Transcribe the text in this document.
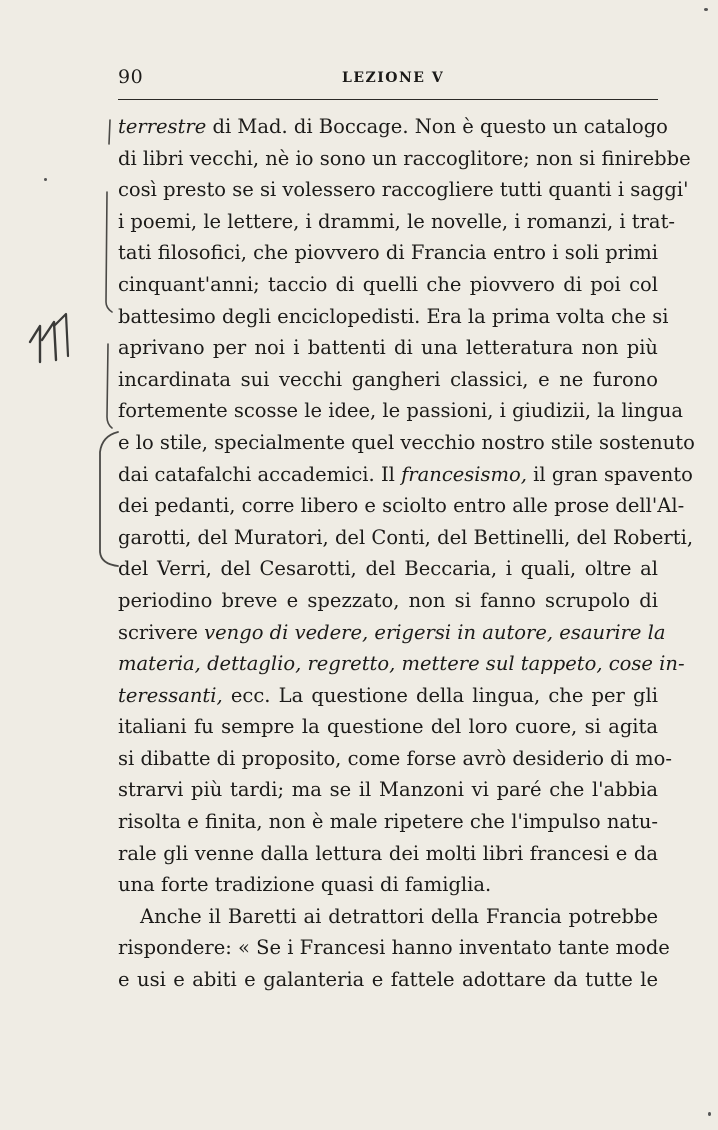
90	LEZIONE V
terrestre di Mad. di Boccage. Non è questo un catalogo
di libri vecchi, nè io sono un raccoglitore; non si finirebbe
così presto se si volessero raccogliere tutti quanti i saggi'
i poemi, le lettere, i drammi, le novelle, i romanzi, i trat-
tati filosofici, che piovvero di Francia entro i soli primi
cinquant'anni; taccio di quelli che piovvero di poi col
battesimo degli enciclopedisti. Era la prima volta che si
aprivano per noi i battenti di una letteratura non più
incardinata sui vecchi gangheri classici, e ne furono
fortemente scosse le idee, le passioni, i giudizii, la lingua
e lo stile, specialmente quel vecchio nostro stile sostenuto
dai catafalchi accademici. Il francesismo, il gran spavento
dei pedanti, corre libero e sciolto entro alle prose dell'Al-
garotti, del Muratori, del Conti, del Bettinelli, del Roberti,
del Verri, del Cesarotti, del Beccaria, i quali, oltre al
periodino breve e spezzato, non si fanno scrupolo di
scrivere vengo di vedere, erigersi in autore, esaurire la
materia, dettaglio, regretto, mettere sul tappeto, cose in-
teressanti, ecc. La questione della lingua, che per gli
italiani fu sempre la questione del loro cuore, si agita
si dibatte di proposito, come forse avrò desiderio di mo-
strarvi più tardi; ma se il Manzoni vi paré che l'abbia
risolta e finita, non è male ripetere che l'impulso natu-
rale gli venne dalla lettura dei molti libri francesi e da
una forte tradizione quasi di famiglia.
Anche il Baretti ai detrattori della Francia potrebbe
rispondere: « Se i Francesi hanno inventato tante mode
e usi e abiti e galanteria e fattele adottare da tutte le
